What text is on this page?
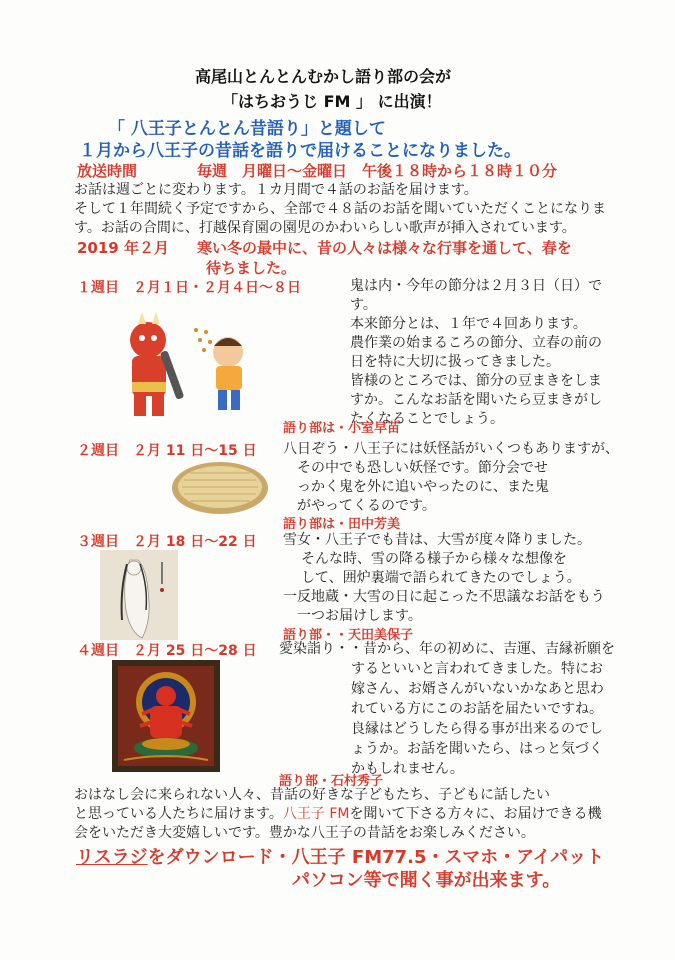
高尾山とんとんむかし語り部の会が
「はちおうじ FM 」 に出演！
「 八王子とんとん昔語り」と題して
１月から八王子の昔話を語りで届けることになりました。
放送時間	毎週　月曜日～金曜日　午後１８時から１８時１０分
お話は週ごとに変わります。１カ月間で４話のお話を届けます。
そして１年間続く予定ですから、全部で４８話のお話を聞いていただくことになりま
す。お話の合間に、打越保育園の園児のかわいらしい歌声が挿入されています。
2019 年２月 寒い冬の最中に、昔の人々は様々な行事を通して、春を
待ちました。
１週目　２月１日・２月４日～８日	鬼は内・今年の節分は２月３日（日）で
す。
本来節分とは、１年で４回あります。
農作業の始まるころの節分、立春の前の
日を特に大切に扱ってきました。
皆様のところでは、節分の豆まきをしま
すか。こんなお話を聞いたら豆まきがし
たくなることでしょう。
語り部は・小室早苗
２週目　２月 11 日～15 日 八日ぞう・八王子には妖怪話がいくつもありますが、
その中でも恐しい妖怪です。節分会でせ
っかく鬼を外に追いやったのに、また鬼
がやってくるのです。
語り部は・田中芳美
３週目　２月 18 日～22 日 雪女・八王子でも昔は、大雪が度々降りました。
そんな時、雪の降る様子から様々な想像を
して、囲炉裏端で語られてきたのでしょう。
一反地蔵・大雪の日に起こった不思議なお話をもう
一つお届けします。
語り部・・天田美保子
４週目　２月 25 日～28 日 愛染詣り・・昔から、年の初めに、吉運、吉縁祈願を
するといいと言われてきました。特にお
嫁さん、お婿さんがいないかなあと思わ
れている方にこのお話を届たいですね。
良縁はどうしたら得る事が出来るのでし
ょうか。お話を聞いたら、はっと気づく
かもしれません。
語り部・石村秀子
おはなし会に来られない人々、昔話の好きな子どもたち、子どもに話したい
と思っている人たちに届けます。八王子 FMを聞いて下さる方々に、お届けできる機
会をいただき大変嬉しいです。豊かな八王子の昔話をお楽しみください。
リスラジをダウンロード・八王子 FM77.5・スマホ・アイパット
パソコン等で聞く事が出来ます。
